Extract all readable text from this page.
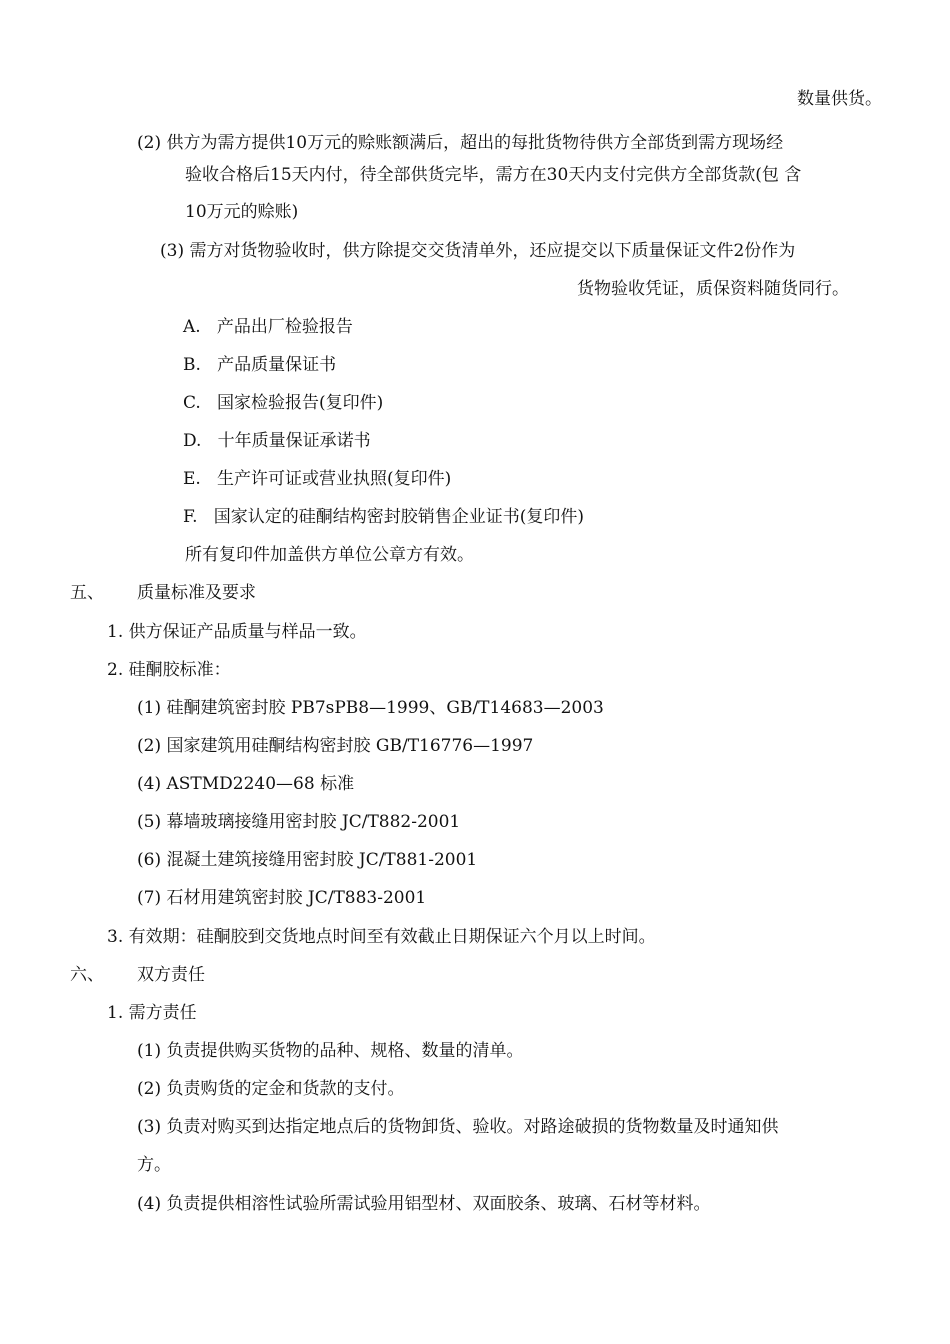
数量供货。
(2) 供方为需方提供10万元的赊账额满后，超出的每批货物待供方全部货到需方现场经
验收合格后15天内付，待全部供货完毕，需方在30天内支付完供方全部货款(包 含
10万元的赊账)
(3) 需方对货物验收时，供方除提交交货清单外，还应提交以下质量保证文件2份作为
货物验收凭证，质保资料随货同行。
A. 产品出厂检验报告
B. 产品质量保证书
C. 国家检验报告(复印件)
D. 十年质量保证承诺书
E. 生产许可证或营业执照(复印件)
F. 国家认定的硅酮结构密封胶销售企业证书(复印件)
所有复印件加盖供方单位公章方有效。
五、 质量标准及要求
1. 供方保证产品质量与样品一致。
2. 硅酮胶标准：
(1) 硅酮建筑密封胶 PB7sPB8—1999、GB/T14683—2003
(2) 国家建筑用硅酮结构密封胶 GB/T16776—1997
(4) ASTMD2240—68 标准
(5) 幕墙玻璃接缝用密封胶 JC/T882-2001
(6) 混凝土建筑接缝用密封胶 JC/T881-2001
(7) 石材用建筑密封胶 JC/T883-2001
3. 有效期：硅酮胶到交货地点时间至有效截止日期保证六个月以上时间。
六、 双方责任
1. 需方责任
(1) 负责提供购买货物的品种、规格、数量的清单。
(2) 负责购货的定金和货款的支付。
(3) 负责对购买到达指定地点后的货物卸货、验收。对路途破损的货物数量及时通知供
方。
(4) 负责提供相溶性试验所需试验用铝型材、双面胶条、玻璃、石材等材料。
